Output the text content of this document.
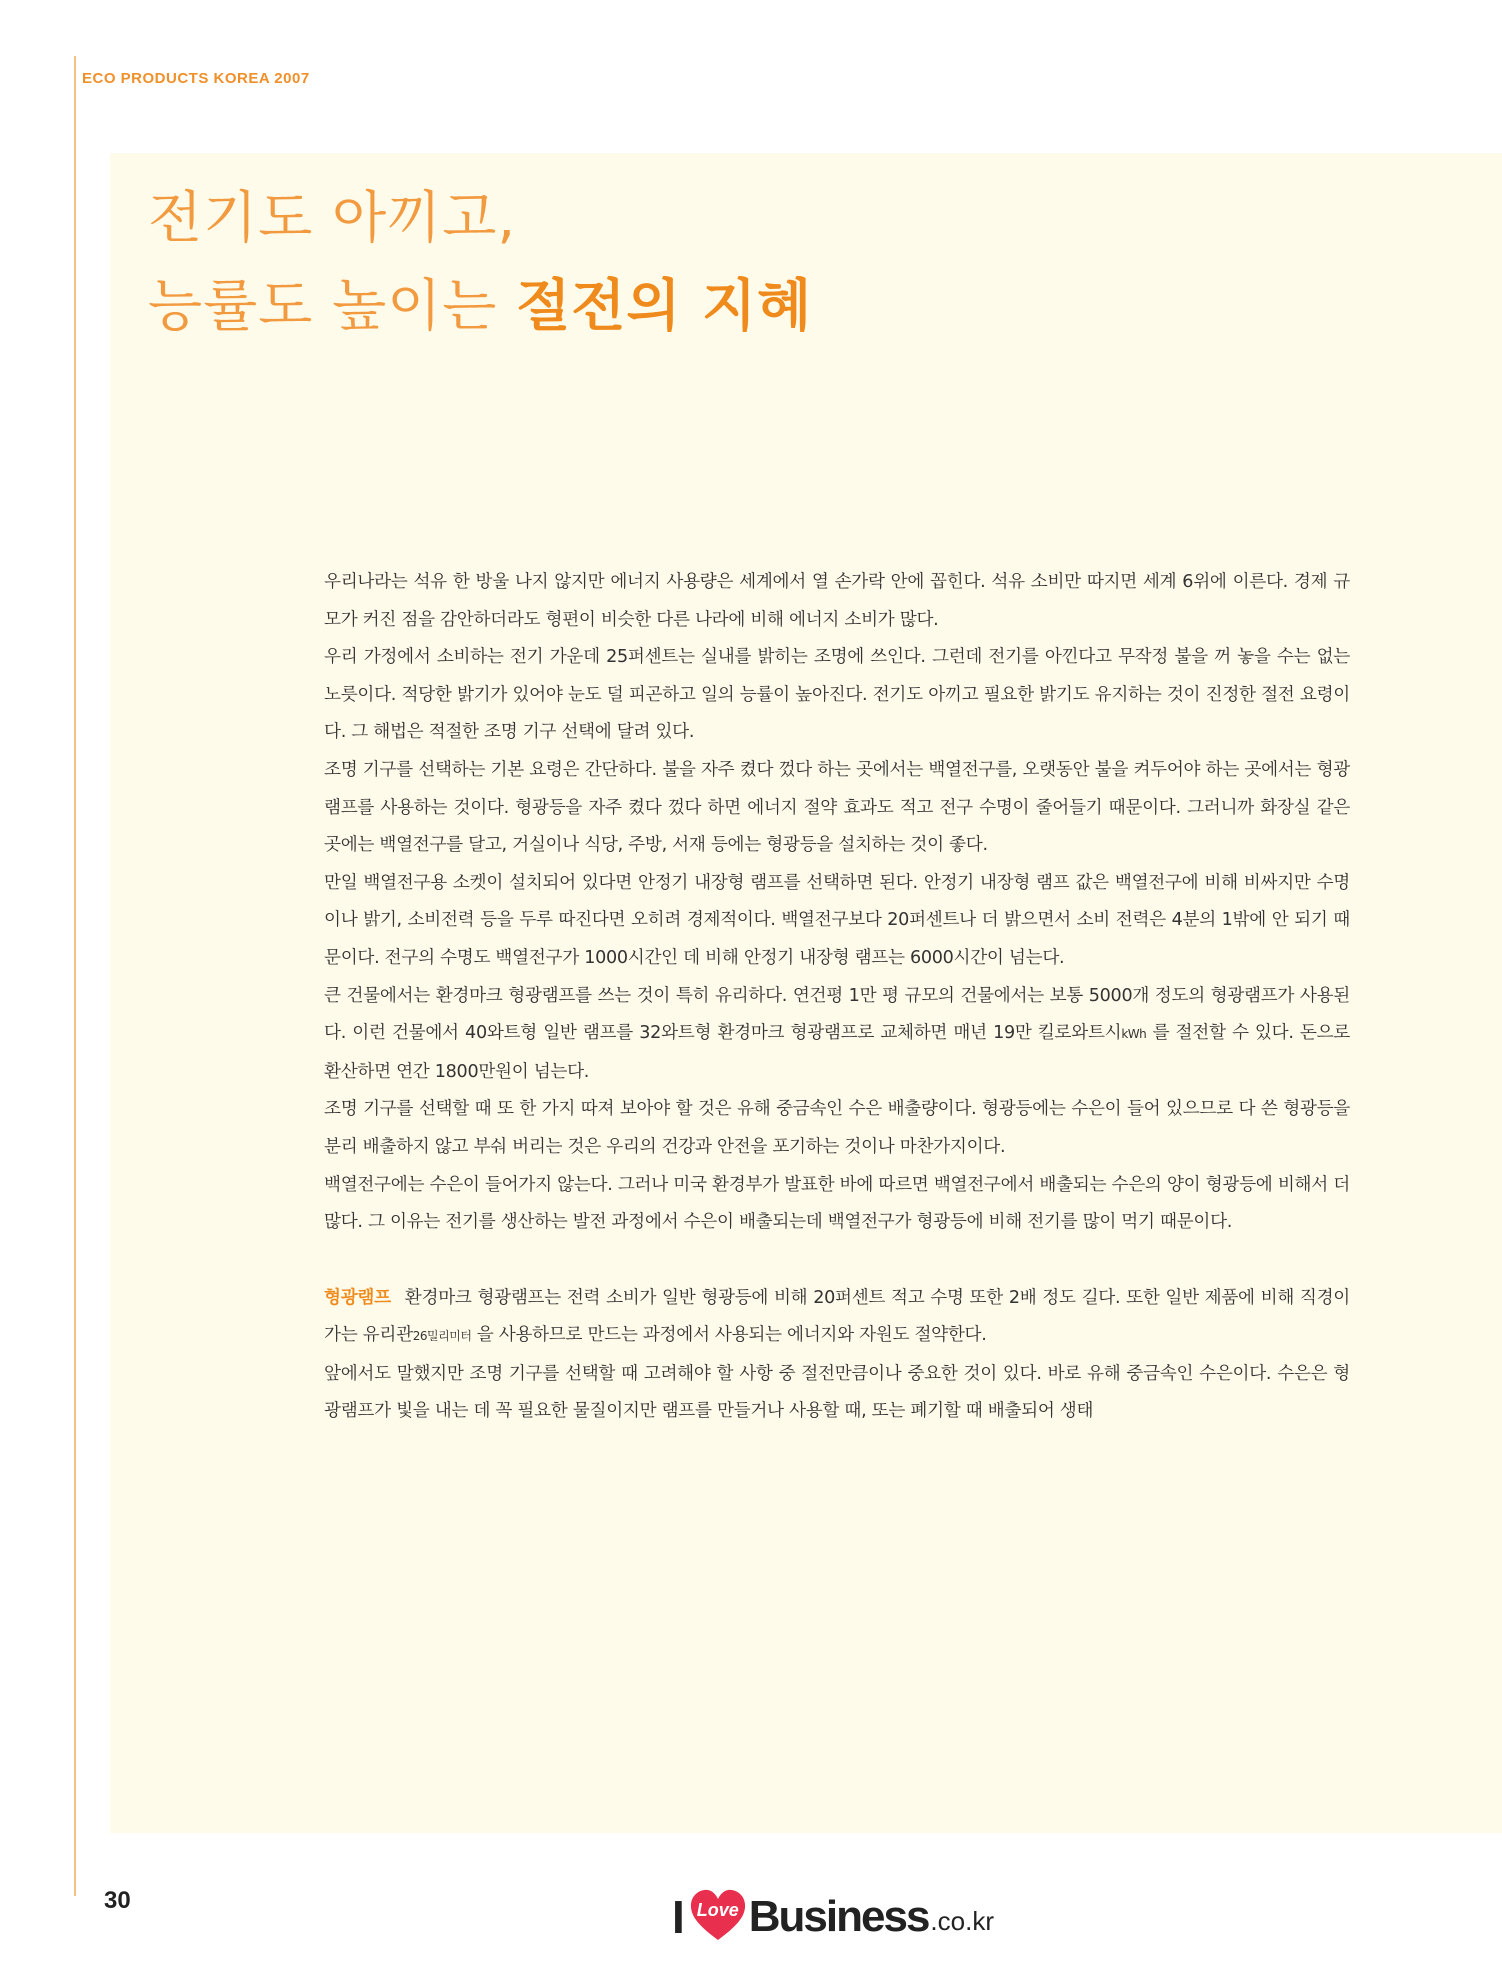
ECO PRODUCTS KOREA 2007
전기도 아끼고,
능률도 높이는 절전의 지혜

우리나라는 석유 한 방울 나지 않지만 에너지 사용량은 세계에서 열 손가락 안에 꼽힌다. 석유 소비만 따지면 세계 6위에 이른다. 경제 규모가 커진 점을 감안하더라도 형편이 비슷한 다른 나라에 비해 에너지 소비가 많다.

우리 가정에서 소비하는 전기 가운데 25퍼센트는 실내를 밝히는 조명에 쓰인다. 그런데 전기를 아낀다고 무작정 불을 꺼 놓을 수는 없는 노릇이다. 적당한 밝기가 있어야 눈도 덜 피곤하고 일의 능률이 높아진다. 전기도 아끼고 필요한 밝기도 유지하는 것이 진정한 절전 요령이다. 그 해법은 적절한 조명 기구 선택에 달려 있다.

조명 기구를 선택하는 기본 요령은 간단하다. 불을 자주 켰다 껐다 하는 곳에서는 백열전구를, 오랫동안 불을 켜두어야 하는 곳에서는 형광램프를 사용하는 것이다. 형광등을 자주 켰다 껐다 하면 에너지 절약 효과도 적고 전구 수명이 줄어들기 때문이다. 그러니까 화장실 같은 곳에는 백열전구를 달고, 거실이나 식당, 주방, 서재 등에는 형광등을 설치하는 것이 좋다.

만일 백열전구용 소켓이 설치되어 있다면 안정기 내장형 램프를 선택하면 된다. 안정기 내장형 램프 값은 백열전구에 비해 비싸지만 수명이나 밝기, 소비전력 등을 두루 따진다면 오히려 경제적이다. 백열전구보다 20퍼센트나 더 밝으면서 소비 전력은 4분의 1밖에 안 되기 때문이다. 전구의 수명도 백열전구가 1000시간인 데 비해 안정기 내장형 램프는 6000시간이 넘는다.

큰 건물에서는 환경마크 형광램프를 쓰는 것이 특히 유리하다. 연건평 1만 평 규모의 건물에서는 보통 5000개 정도의 형광램프가 사용된다. 이런 건물에서 40와트형 일반 램프를 32와트형 환경마크 형광램프로 교체하면 매년 19만 킬로와트시kWh 를 절전할 수 있다. 돈으로 환산하면 연간 1800만원이 넘는다.

조명 기구를 선택할 때 또 한 가지 따져 보아야 할 것은 유해 중금속인 수은 배출량이다. 형광등에는 수은이 들어 있으므로 다 쓴 형광등을 분리 배출하지 않고 부숴 버리는 것은 우리의 건강과 안전을 포기하는 것이나 마찬가지이다.

백열전구에는 수은이 들어가지 않는다. 그러나 미국 환경부가 발표한 바에 따르면 백열전구에서 배출되는 수은의 양이 형광등에 비해서 더 많다. 그 이유는 전기를 생산하는 발전 과정에서 수은이 배출되는데 백열전구가 형광등에 비해 전기를 많이 먹기 때문이다.

형광램프 환경마크 형광램프는 전력 소비가 일반 형광등에 비해 20퍼센트 적고 수명 또한 2배 정도 길다. 또한 일반 제품에 비해 직경이 가는 유리관26밀리미터 을 사용하므로 만드는 과정에서 사용되는 에너지와 자원도 절약한다.

앞에서도 말했지만 조명 기구를 선택할 때 고려해야 할 사항 중 절전만큼이나 중요한 것이 있다. 바로 유해 중금속인 수은이다. 수은은 형광램프가 빛을 내는 데 꼭 필요한 물질이지만 램프를 만들거나 사용할 때, 또는 폐기할 때 배출되어 생태

30	I Love Business .co.kr
